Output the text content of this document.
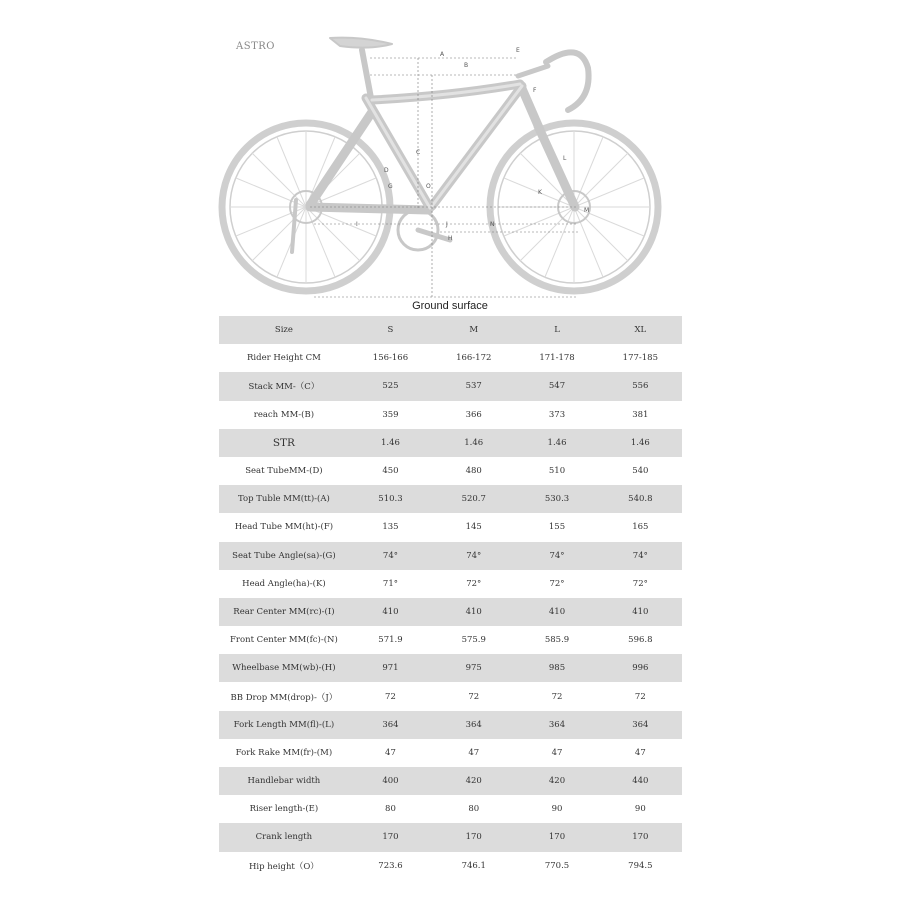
ASTRO
A
B
C
D
E
F
G
H
I	J
K
L
M
N
O
Ground surface
Size	S	M	L	XL
Rider Height CM	156-166	166-172	171-178	177-185
Stack MM-（C）	525	537	547	556
reach MM-(B)	359	366	373	381
STR	1.46	1.46	1.46	1.46
Seat TubeMM-(D)	450	480	510	540
Top Tuble MM(tt)-(A)	510.3	520.7	530.3	540.8
Head Tube MM(ht)-(F)	135	145	155	165
Seat Tube Angle(sa)-(G)	74°	74°	74°	74°
Head Angle(ha)-(K)	71°	72°	72°	72°
Rear Center MM(rc)-(I)	410	410	410	410
Front Center MM(fc)-(N)	571.9	575.9	585.9	596.8
Wheelbase MM(wb)-(H)	971	975	985	996
BB Drop MM(drop)-（J）	72	72	72	72
Fork Length MM(fl)-(L)	364	364	364	364
Fork Rake MM(fr)-(M)	47	47	47	47
Handlebar width	400	420	420	440
Riser length-(E)	80	80	90	90
Crank length	170	170	170	170
Hip height（O）	723.6	746.1	770.5	794.5
